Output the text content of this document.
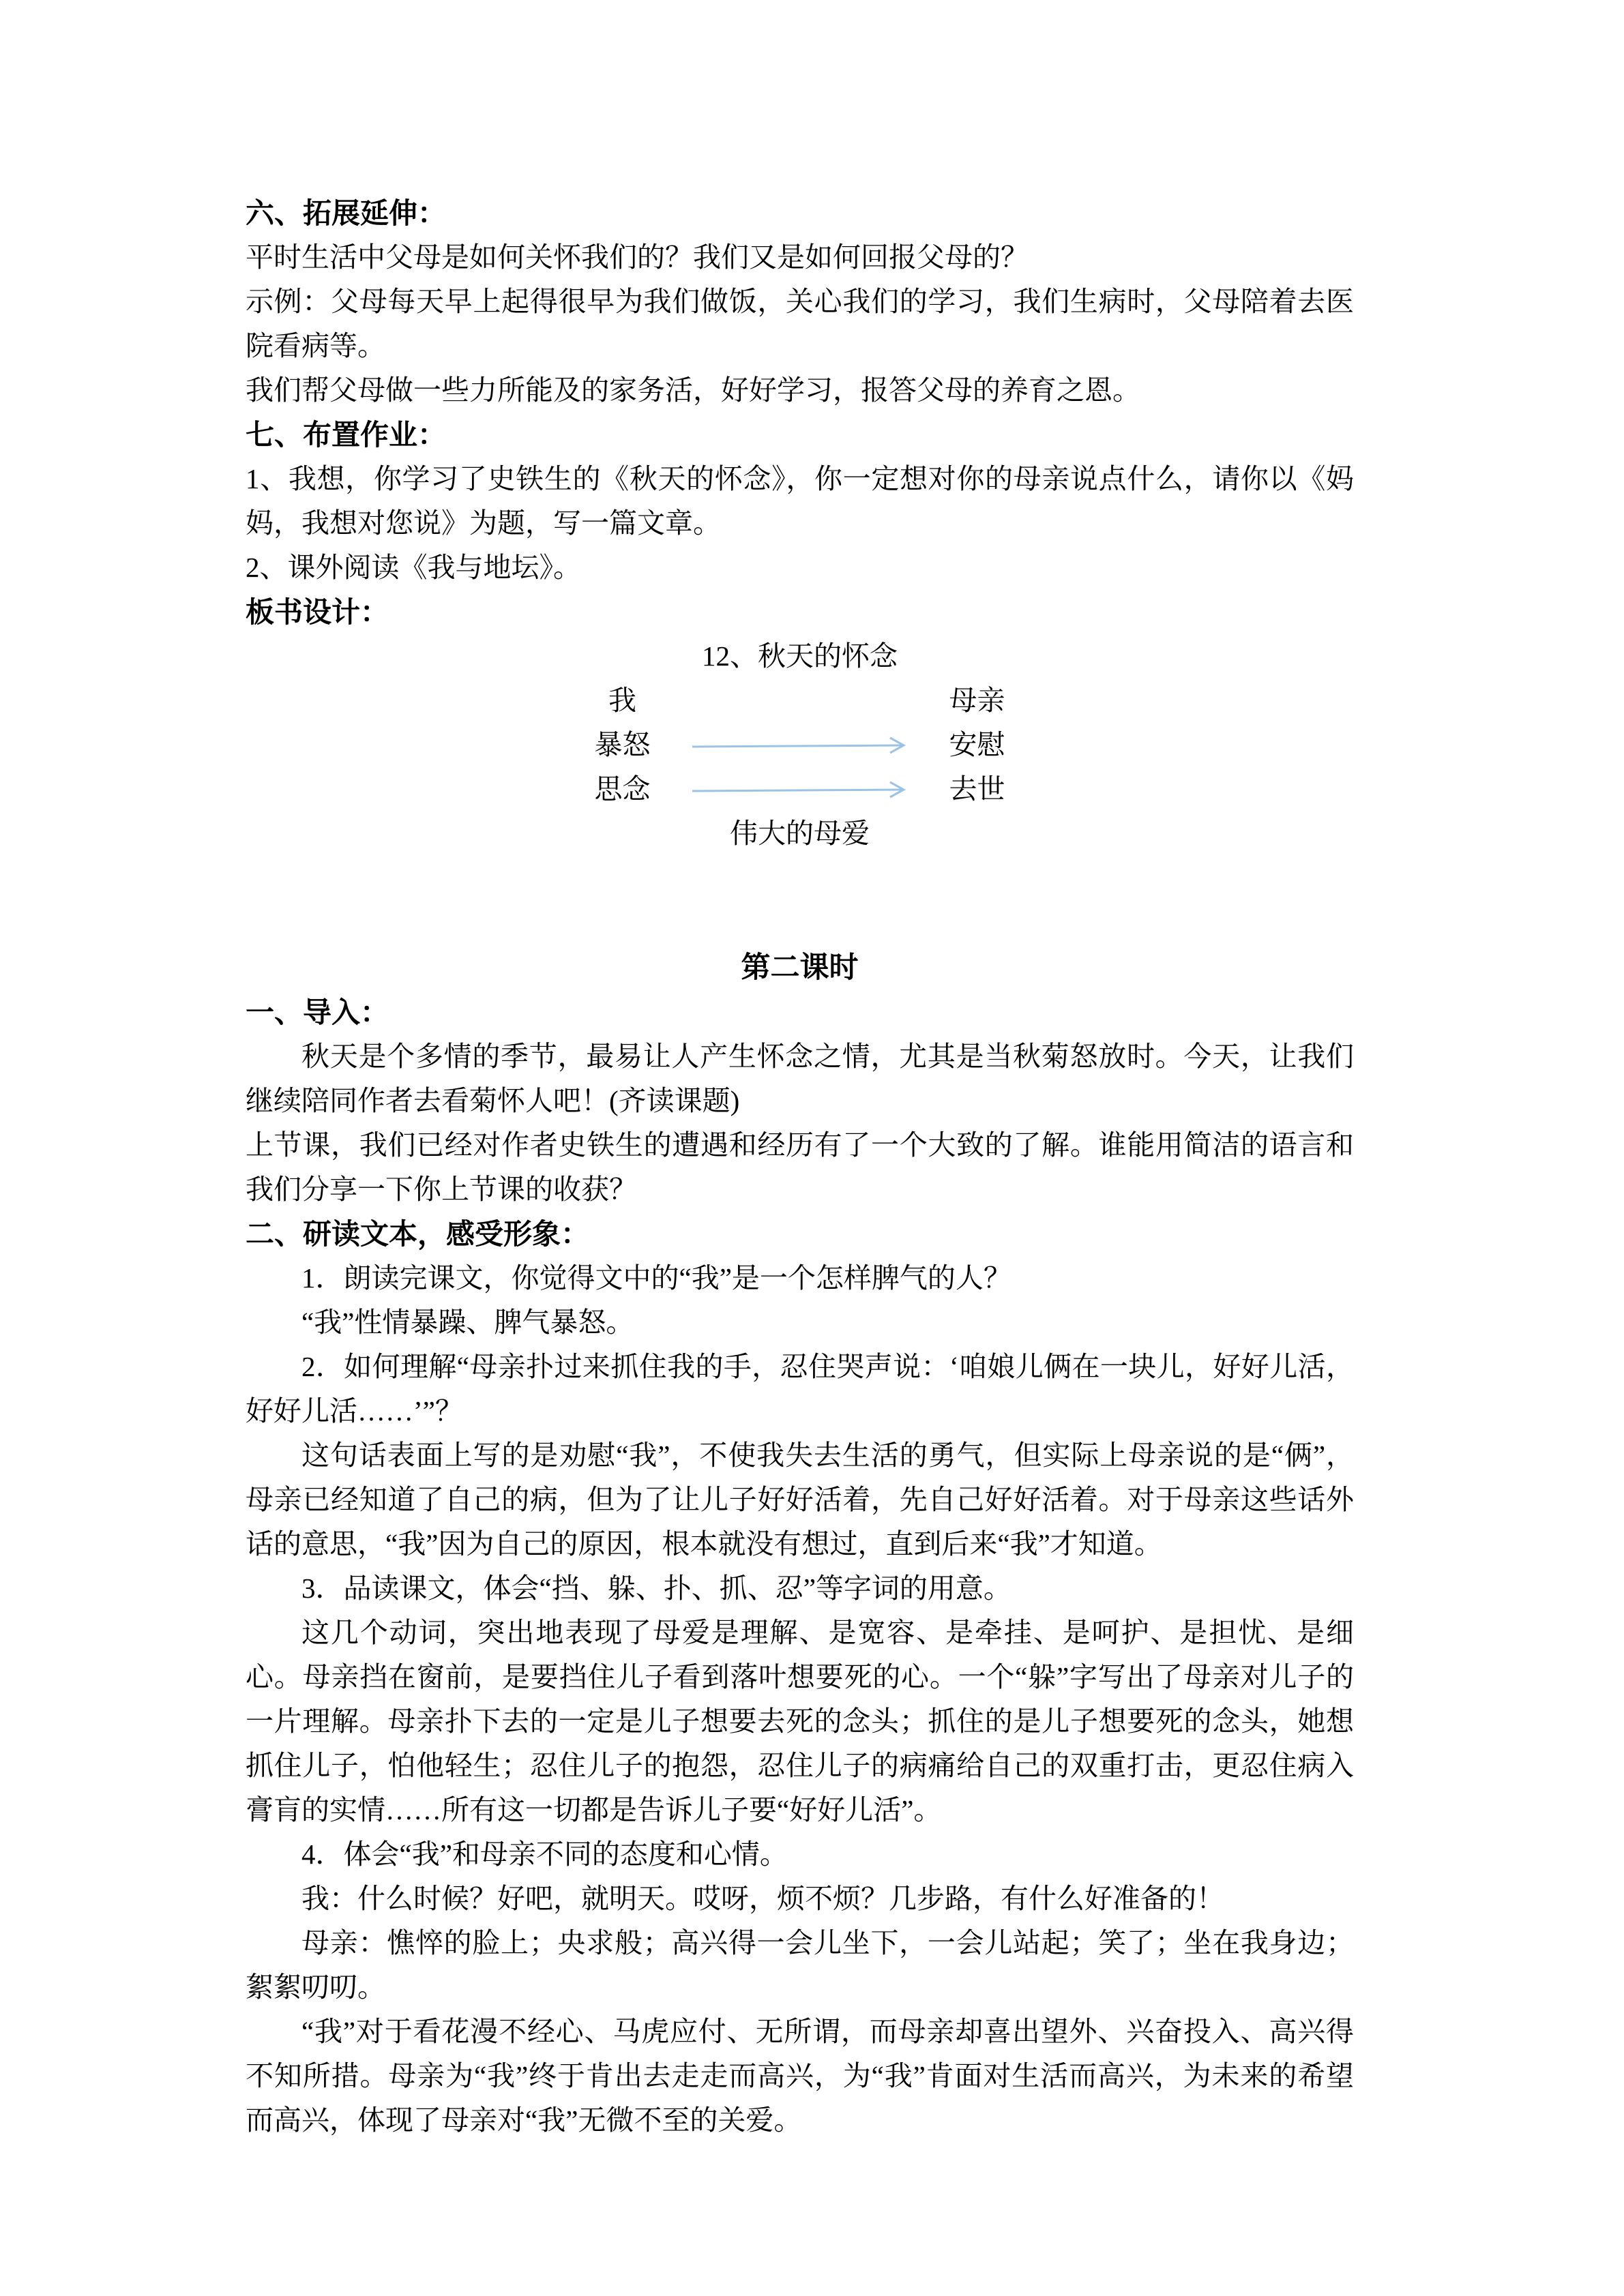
六、拓展延伸：

平时生活中父母是如何关怀我们的？我们又是如何回报父母的？

示例：父母每天早上起得很早为我们做饭，关心我们的学习，我们生病时，父母陪着去医院看病等。

我们帮父母做一些力所能及的家务活，好好学习，报答父母的养育之恩。

七、布置作业：

1、我想，你学习了史铁生的《秋天的怀念》，你一定想对你的母亲说点什么，请你以《妈妈，我想对您说》为题，写一篇文章。

2、课外阅读《我与地坛》。

板书设计：
12、秋天的怀念
我	母亲
暴怒	安慰
思念	去世
伟大的母爱
第二课时
一、导入：

秋天是个多情的季节，最易让人产生怀念之情，尤其是当秋菊怒放时。今天，让我们继续陪同作者去看菊怀人吧！(齐读课题)

上节课，我们已经对作者史铁生的遭遇和经历有了一个大致的了解。谁能用简洁的语言和我们分享一下你上节课的收获？

二、研读文本，感受形象：

1．朗读完课文，你觉得文中的“我”是一个怎样脾气的人？

“我”性情暴躁、脾气暴怒。

2．如何理解“母亲扑过来抓住我的手，忍住哭声说：‘咱娘儿俩在一块儿，好好儿活，好好儿活……’”？

这句话表面上写的是劝慰“我”，不使我失去生活的勇气，但实际上母亲说的是“俩”，母亲已经知道了自己的病，但为了让儿子好好活着，先自己好好活着。对于母亲这些话外话的意思，“我”因为自己的原因，根本就没有想过，直到后来“我”才知道。

3．品读课文，体会“挡、躲、扑、抓、忍”等字词的用意。

这几个动词，突出地表现了母爱是理解、是宽容、是牵挂、是呵护、是担忧、是细心。母亲挡在窗前，是要挡住儿子看到落叶想要死的心。一个“躲”字写出了母亲对儿子的一片理解。母亲扑下去的一定是儿子想要去死的念头；抓住的是儿子想要死的念头，她想抓住儿子，怕他轻生；忍住儿子的抱怨，忍住儿子的病痛给自己的双重打击，更忍住病入膏肓的实情……所有这一切都是告诉儿子要“好好儿活”。

4．体会“我”和母亲不同的态度和心情。

我：什么时候？好吧，就明天。哎呀，烦不烦？几步路，有什么好准备的！

母亲：憔悴的脸上；央求般；高兴得一会儿坐下，一会儿站起；笑了；坐在我身边；絮絮叨叨。

“我”对于看花漫不经心、马虎应付、无所谓，而母亲却喜出望外、兴奋投入、高兴得不知所措。母亲为“我”终于肯出去走走而高兴，为“我”肯面对生活而高兴，为未来的希望而高兴，体现了母亲对“我”无微不至的关爱。
